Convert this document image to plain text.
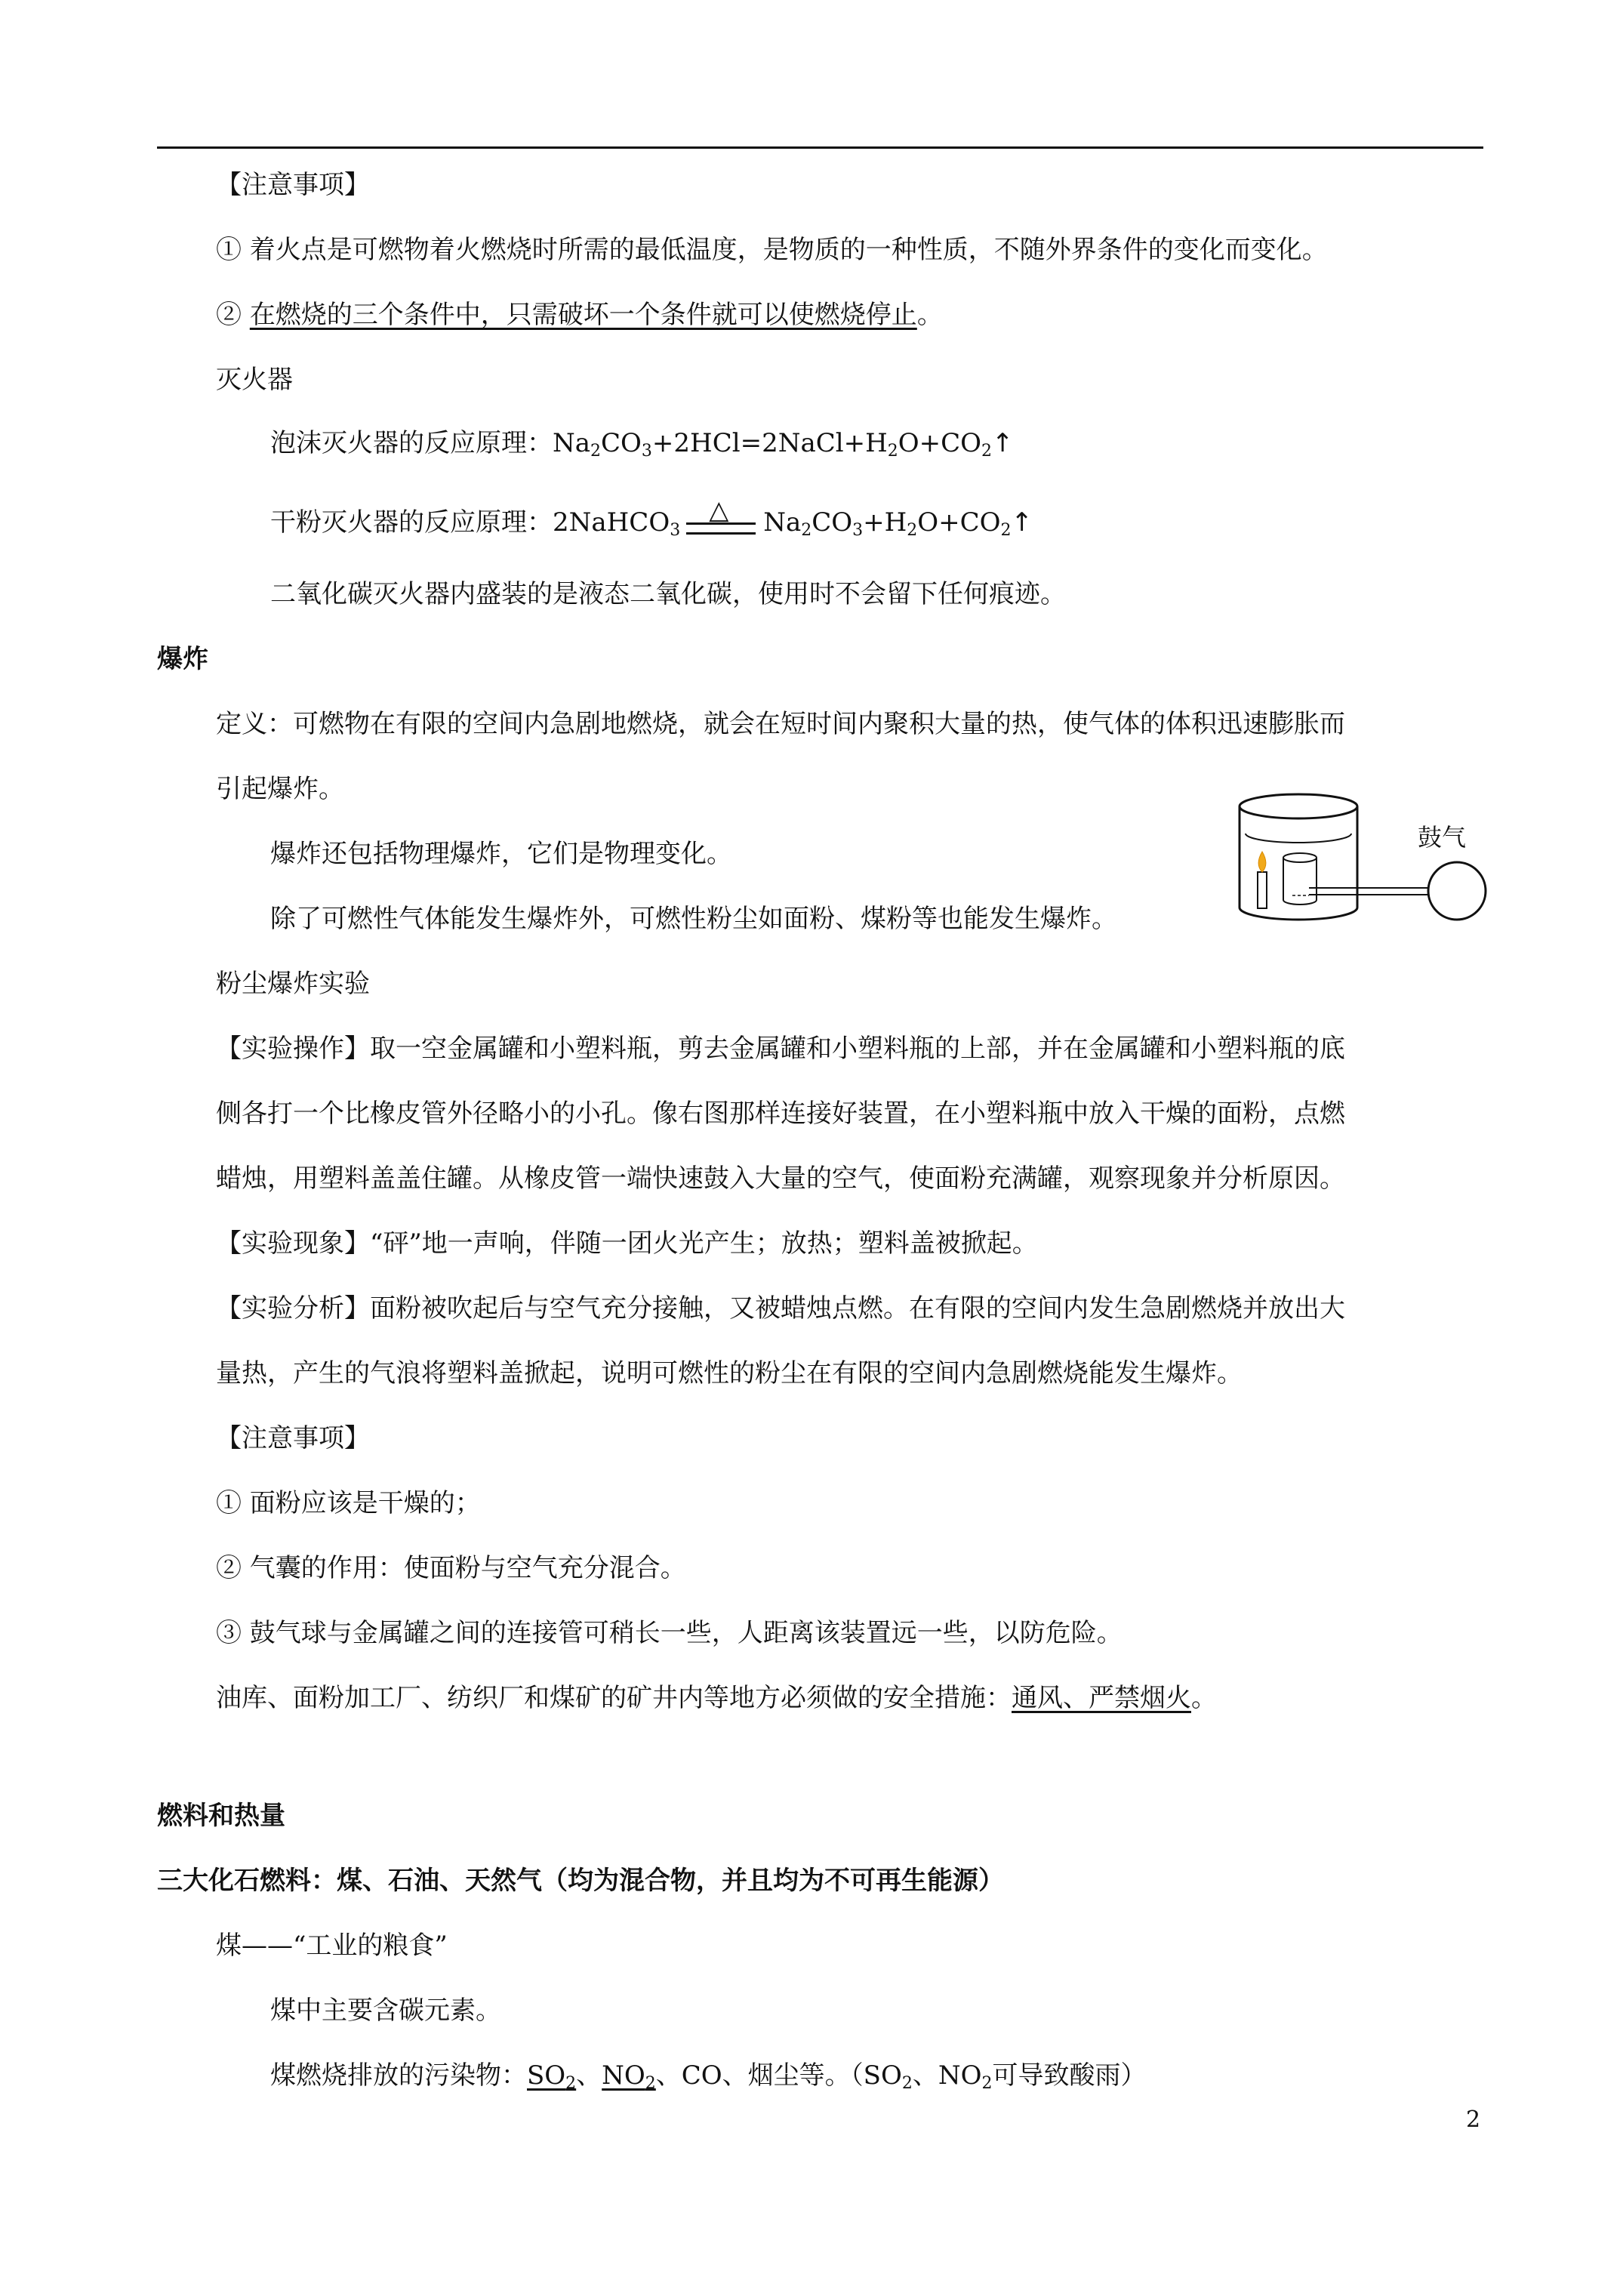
【注意事项】
① 着火点是可燃物着火燃烧时所需的最低温度，是物质的一种性质，不随外界条件的变化而变化。
② 在燃烧的三个条件中，只需破坏一个条件就可以使燃烧停止。
灭火器
泡沫灭火器的反应原理：$Na_2CO_3+2HCl=2NaCl+H_2O+CO_2↑$
干粉灭火器的反应原理：2NaHCO$_3$
△ $Na_2CO_3+H_2O+CO_2↑$
二氧化碳灭火器内盛装的是液态二氧化碳，使用时不会留下任何痕迹。
爆炸
定义：可燃物在有限的空间内急剧地燃烧，就会在短时间内聚积大量的热，使气体的体积迅速膨胀而
引起爆炸。
爆炸还包括物理爆炸，它们是物理变化。
除了可燃性气体能发生爆炸外，可燃性粉尘如面粉、煤粉等也能发生爆炸。
鼓气
粉尘爆炸实验
【实验操作】取一空金属罐和小塑料瓶，剪去金属罐和小塑料瓶的上部，并在金属罐和小塑料瓶的底
侧各打一个比橡皮管外径略小的小孔。像右图那样连接好装置，在小塑料瓶中放入干燥的面粉，点燃
蜡烛，用塑料盖盖住罐。从橡皮管一端快速鼓入大量的空气，使面粉充满罐，观察现象并分析原因。
【实验现象】“砰”地一声响，伴随一团火光产生；放热；塑料盖被掀起。
【实验分析】面粉被吹起后与空气充分接触，又被蜡烛点燃。在有限的空间内发生急剧燃烧并放出大
量热，产生的气浪将塑料盖掀起，说明可燃性的粉尘在有限的空间内急剧燃烧能发生爆炸。
【注意事项】
① 面粉应该是干燥的；
② 气囊的作用：使面粉与空气充分混合。
③ 鼓气球与金属罐之间的连接管可稍长一些，人距离该装置远一些，以防危险。
油库、面粉加工厂、纺织厂和煤矿的矿井内等地方必须做的安全措施：通风、严禁烟火。
燃料和热量
三大化石燃料：煤、石油、天然气（均为混合物，并且均为不可再生能源）
煤——“工业的粮食”
煤中主要含碳元素。
煤燃烧排放的污染物：$SO_2$、$NO_2$、CO、烟尘等。（$SO_2$、$NO_2$可导致酸雨）
2
